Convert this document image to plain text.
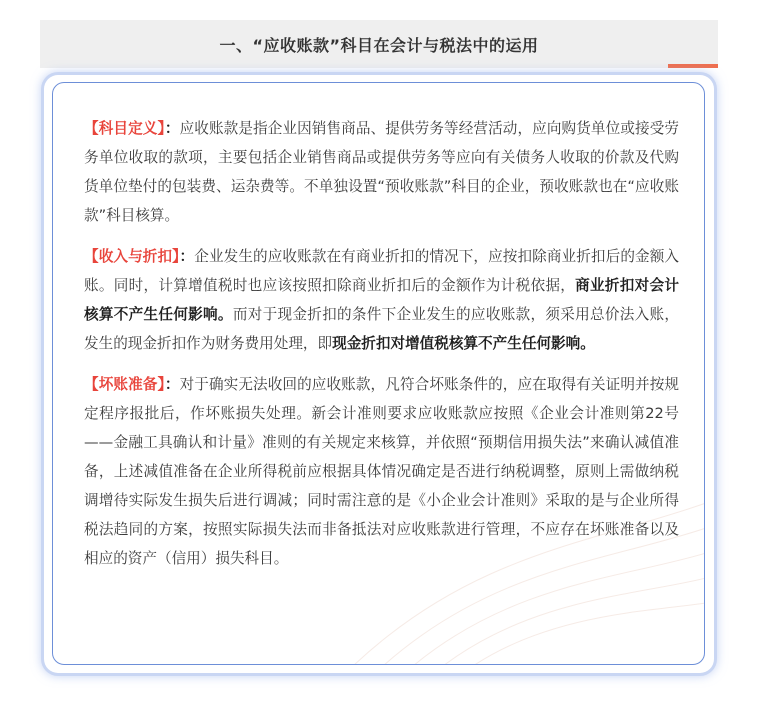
一、“应收账款”科目在会计与税法中的运用

【科目定义】：应收账款是指企业因销售商品、提供劳务等经营活动，应向购货单位或接受劳务单位收取的款项，主要包括企业销售商品或提供劳务等应向有关债务人收取的价款及代购货单位垫付的包装费、运杂费等。不单独设置“预收账款”科目的企业，预收账款也在“应收账款”科目核算。

【收入与折扣】：企业发生的应收账款在有商业折扣的情况下，应按扣除商业折扣后的金额入账。同时，计算增值税时也应该按照扣除商业折扣后的金额作为计税依据，商业折扣对会计核算不产生任何影响。而对于现金折扣的条件下企业发生的应收账款，须采用总价法入账，发生的现金折扣作为财务费用处理，即现金折扣对增值税核算不产生任何影响。

【坏账准备】：对于确实无法收回的应收账款，凡符合坏账条件的，应在取得有关证明并按规定程序报批后，作坏账损失处理。新会计准则要求应收账款应按照《企业会计准则第22号——金融工具确认和计量》准则的有关规定来核算，并依照“预期信用损失法”来确认减值准备，上述减值准备在企业所得税前应根据具体情况确定是否进行纳税调整，原则上需做纳税调增待实际发生损失后进行调减；同时需注意的是《小企业会计准则》采取的是与企业所得税法趋同的方案，按照实际损失法而非备抵法对应收账款进行管理，不应存在坏账准备以及相应的资产（信用）损失科目。
